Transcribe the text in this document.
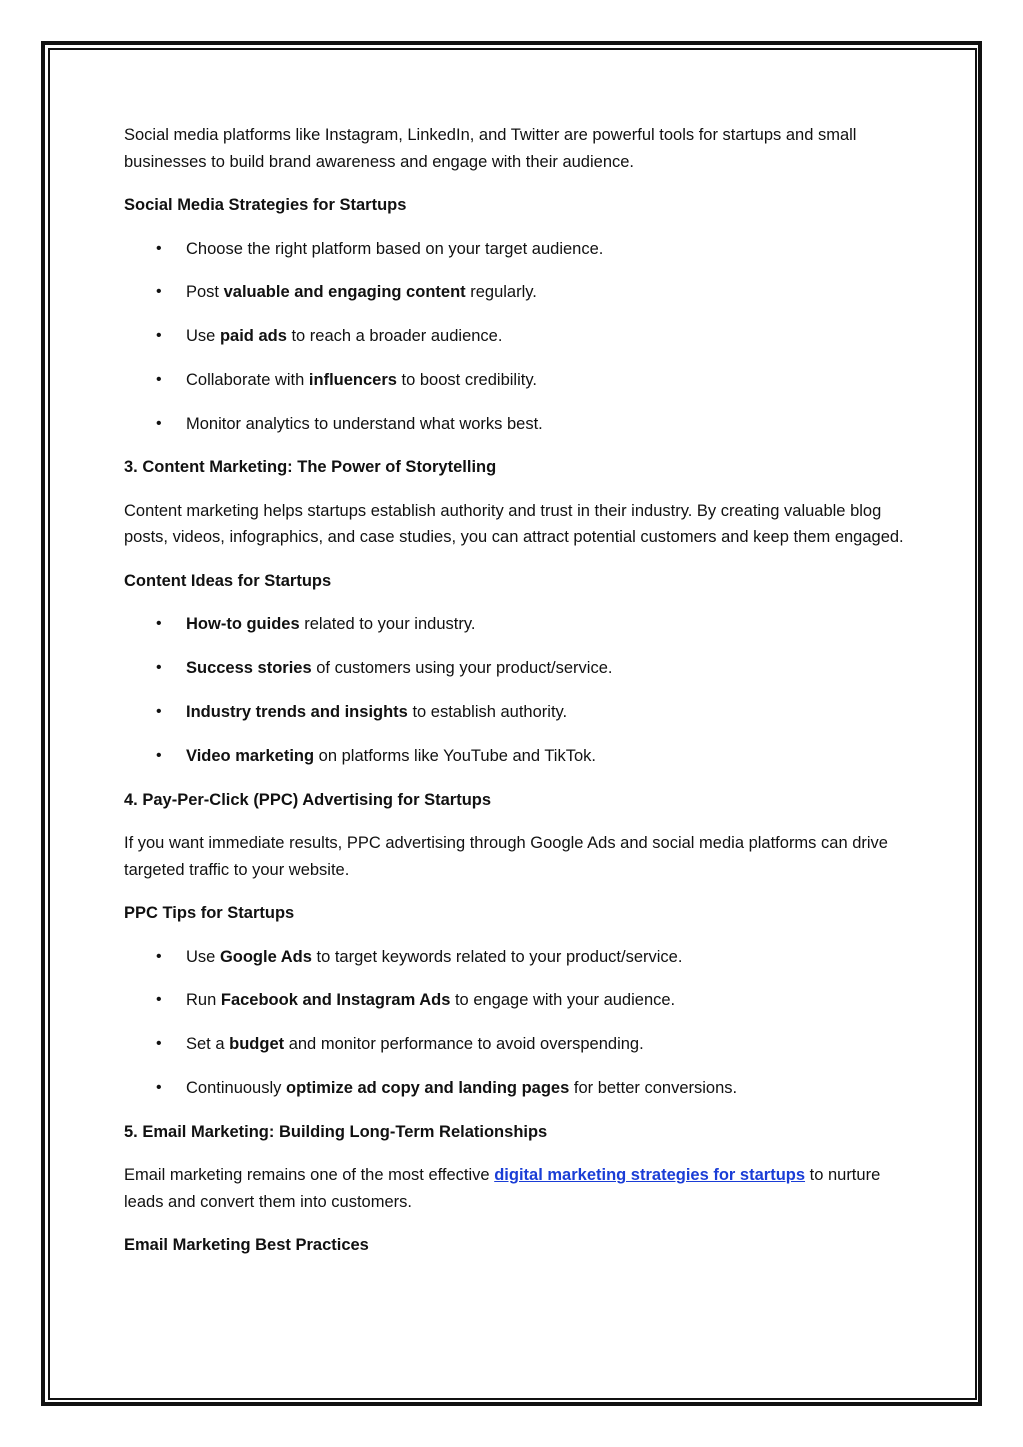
Social media platforms like Instagram, LinkedIn, and Twitter are powerful tools for startups and small businesses to build brand awareness and engage with their audience.

Social Media Strategies for Startups
• Choose the right platform based on your target audience.
• Post valuable and engaging content regularly.
• Use paid ads to reach a broader audience.
• Collaborate with influencers to boost credibility.
• Monitor analytics to understand what works best.
3. Content Marketing: The Power of Storytelling

Content marketing helps startups establish authority and trust in their industry. By creating valuable blog posts, videos, infographics, and case studies, you can attract potential customers and keep them engaged.

Content Ideas for Startups
• How-to guides related to your industry.
• Success stories of customers using your product/service.
• Industry trends and insights to establish authority.
• Video marketing on platforms like YouTube and TikTok.
4. Pay-Per-Click (PPC) Advertising for Startups

If you want immediate results, PPC advertising through Google Ads and social media platforms can drive targeted traffic to your website.

PPC Tips for Startups
• Use Google Ads to target keywords related to your product/service.
• Run Facebook and Instagram Ads to engage with your audience.
• Set a budget and monitor performance to avoid overspending.
• Continuously optimize ad copy and landing pages for better conversions.
5. Email Marketing: Building Long-Term Relationships

Email marketing remains one of the most effective digital marketing strategies for startups to nurture leads and convert them into customers.

Email Marketing Best Practices
